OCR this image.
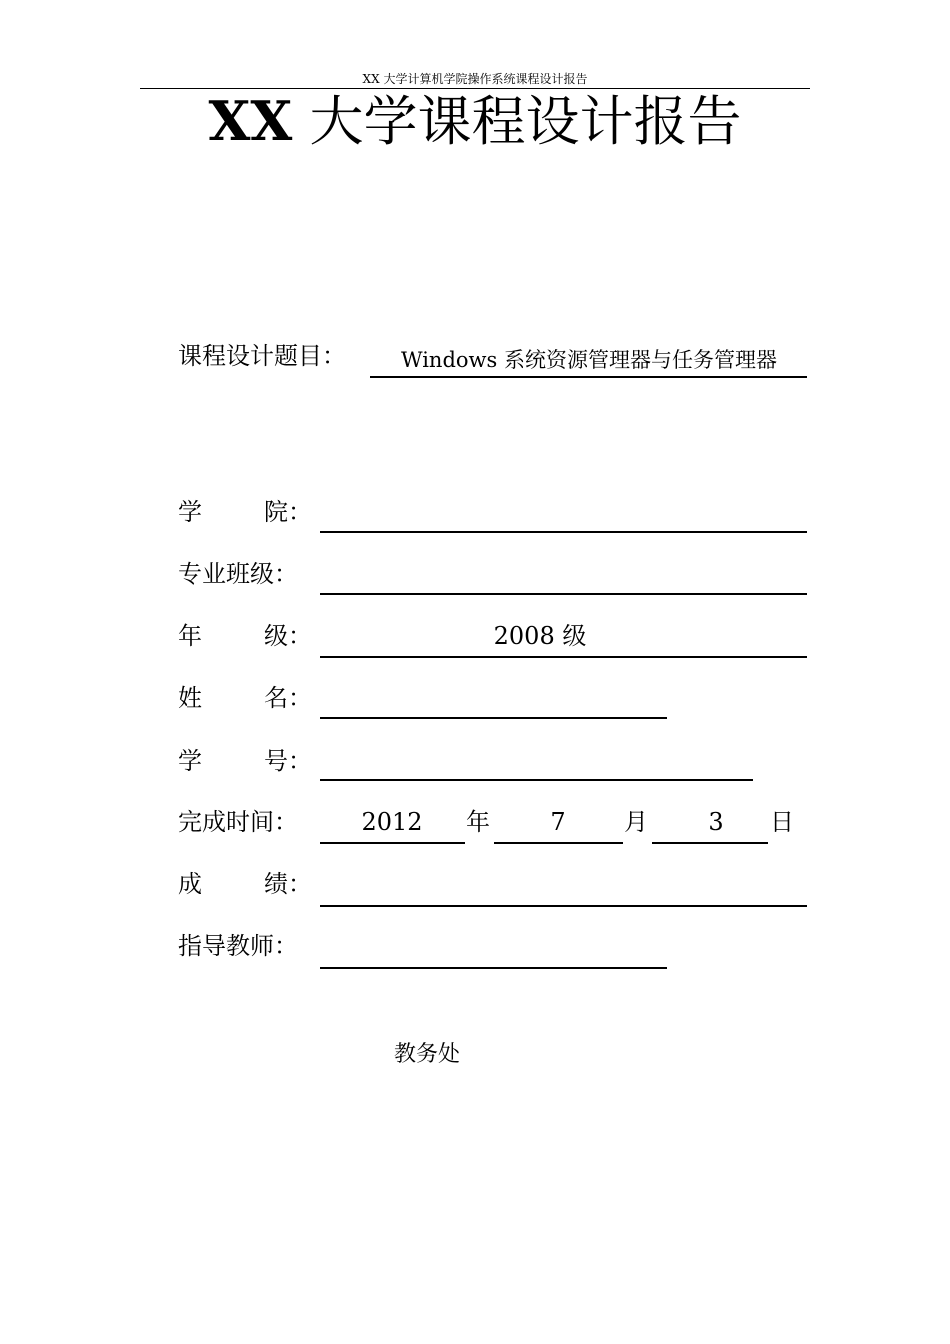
XX 大学计算机学院操作系统课程设计报告
XX 大学课程设计报告
课程设计题目：	Windows 系统资源管理器与任务管理器
学	院：
专业班级：
年	级：	2008 级
姓	名：
学	号：
完成时间：	2012	年	7	月	3	日
成	绩：
指导教师：
教务处
